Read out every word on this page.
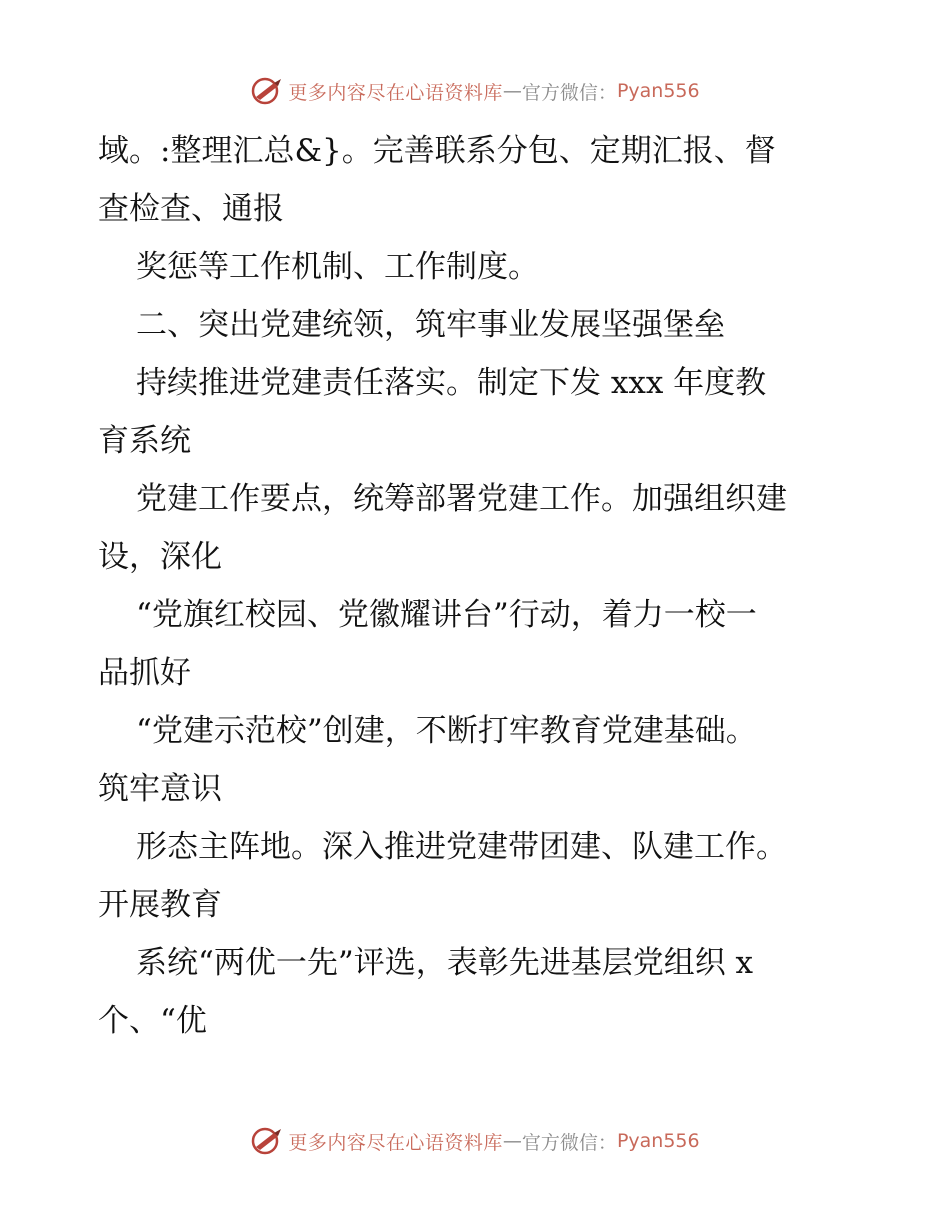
更多内容尽在心语资料库 — 官方微信： Pyan556
域。:整理汇总&}。完善联系分包、定期汇报、督
查检查、通报
奖惩等工作机制、工作制度。
二、突出党建统领，筑牢事业发展坚强堡垒
持续推进党建责任落实。制定下发 xxx 年度教
育系统
党建工作要点，统筹部署党建工作。加强组织建
设，深化
“党旗红校园、党徽耀讲台”行动，着力一校一
品抓好
“党建示范校”创建，不断打牢教育党建基础。
筑牢意识
形态主阵地。深入推进党建带团建、队建工作。
开展教育
系统“两优一先”评选，表彰先进基层党组织 x
个、“优
更多内容尽在心语资料库 — 官方微信： Pyan556
